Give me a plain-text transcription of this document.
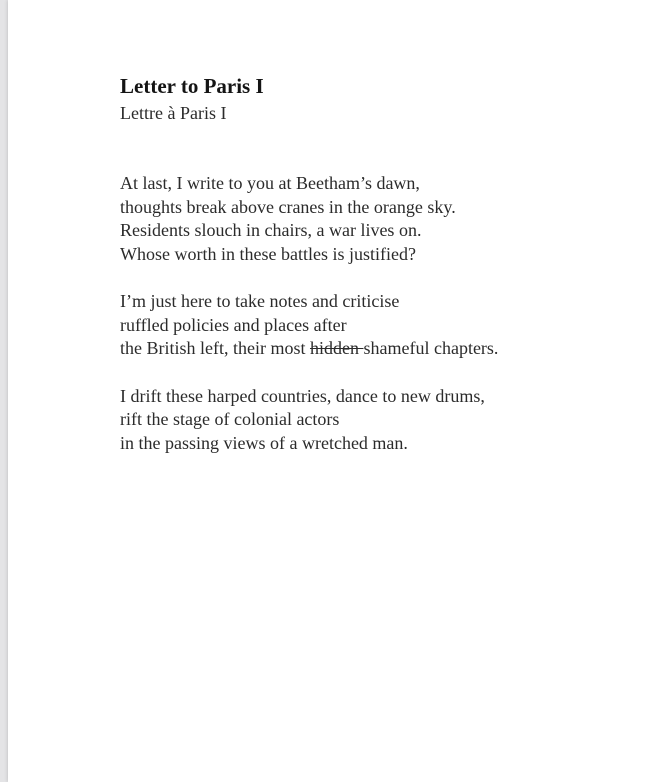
Letter to Paris I

Lettre à Paris I

At last, I write to you at Beetham’s dawn,
thoughts break above cranes in the orange sky.
Residents slouch in chairs, a war lives on.
Whose worth in these battles is justified?
I’m just here to take notes and criticise
ruffled policies and places after
the British left, their most hidden shameful chapters.
I drift these harped countries, dance to new drums,
rift the stage of colonial actors
in the passing views of a wretched man.
